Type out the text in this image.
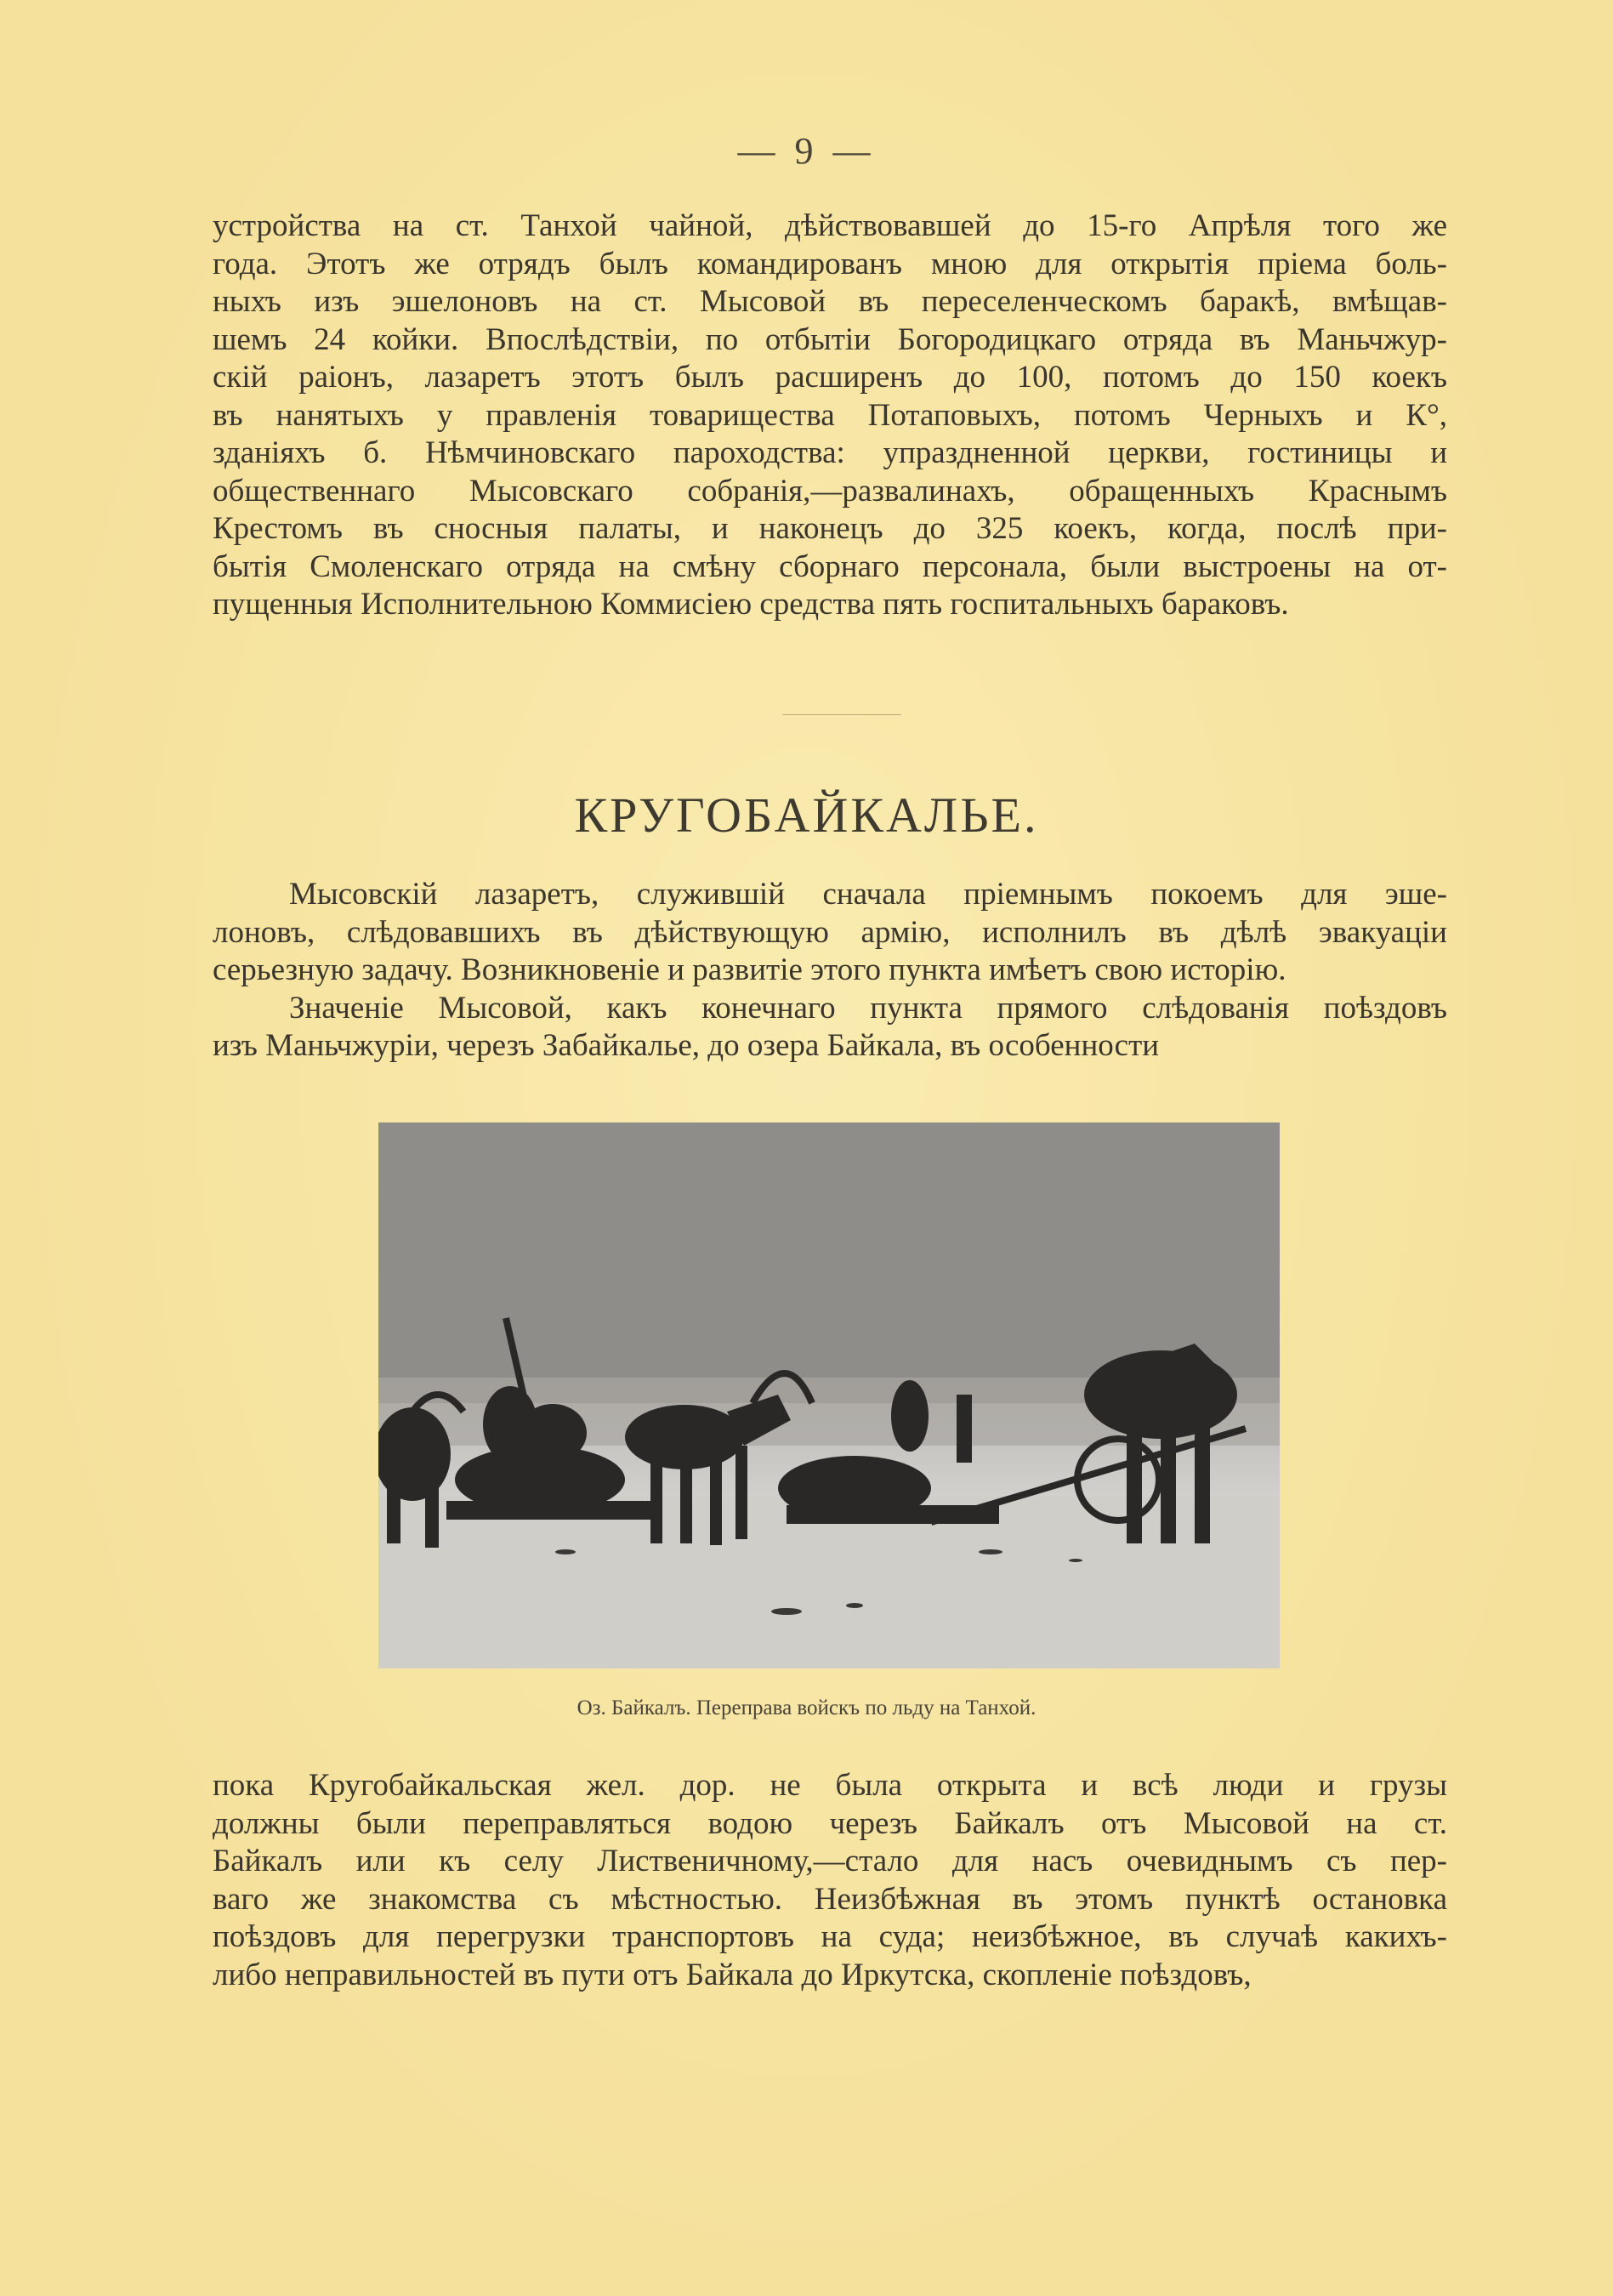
— 9 —
устройства на ст. Танхой чайной, дѣйствовавшей до 15-го Апрѣля того же
года. Этотъ же отрядъ былъ командированъ мною для открытія пріема боль-
ныхъ изъ эшелоновъ на ст. Мысовой въ переселенческомъ баракѣ, вмѣщав-
шемъ 24 койки. Впослѣдствіи, по отбытіи Богородицкаго отряда въ Маньчжур-
скій раіонъ, лазаретъ этотъ былъ расширенъ до 100, потомъ до 150 коекъ
въ нанятыхъ у правленія товарищества Потаповыхъ, потомъ Черныхъ и К°,
зданіяхъ б. Нѣмчиновскаго пароходства: упраздненной церкви, гостиницы и
общественнаго Мысовскаго собранія,—развалинахъ, обращенныхъ Краснымъ
Крестомъ въ сносныя палаты, и наконецъ до 325 коекъ, когда, послѣ при-
бытія Смоленскаго отряда на смѣну сборнаго персонала, были выстроены на от-
пущенныя Исполнительною Коммисіею средства пять госпитальныхъ бараковъ.
КРУГОБАЙКАЛЬЕ.
Мысовскій лазаретъ, служившій сначала пріемнымъ покоемъ для эше-
лоновъ, слѣдовавшихъ въ дѣйствующую армію, исполнилъ въ дѣлѣ эвакуаціи
серьезную задачу. Возникновеніе и развитіе этого пункта имѣетъ свою исторію.
Значеніе Мысовой, какъ конечнаго пункта прямого слѣдованія поѣздовъ
изъ Маньчжуріи, черезъ Забайкалье, до озера Байкала, въ особенности
Оз. Байкалъ. Переправа войскъ по льду на Танхой.
пока Кругобайкальская жел. дор. не была открыта и всѣ люди и грузы
должны были переправляться водою черезъ Байкалъ отъ Мысовой на ст.
Байкалъ или къ селу Лиственичному,—стало для насъ очевиднымъ съ пер-
ваго же знакомства съ мѣстностью. Неизбѣжная въ этомъ пунктѣ остановка
поѣздовъ для перегрузки транспортовъ на суда; неизбѣжное, въ случаѣ какихъ-
либо неправильностей въ пути отъ Байкала до Иркутска, скопленіе поѣздовъ,
